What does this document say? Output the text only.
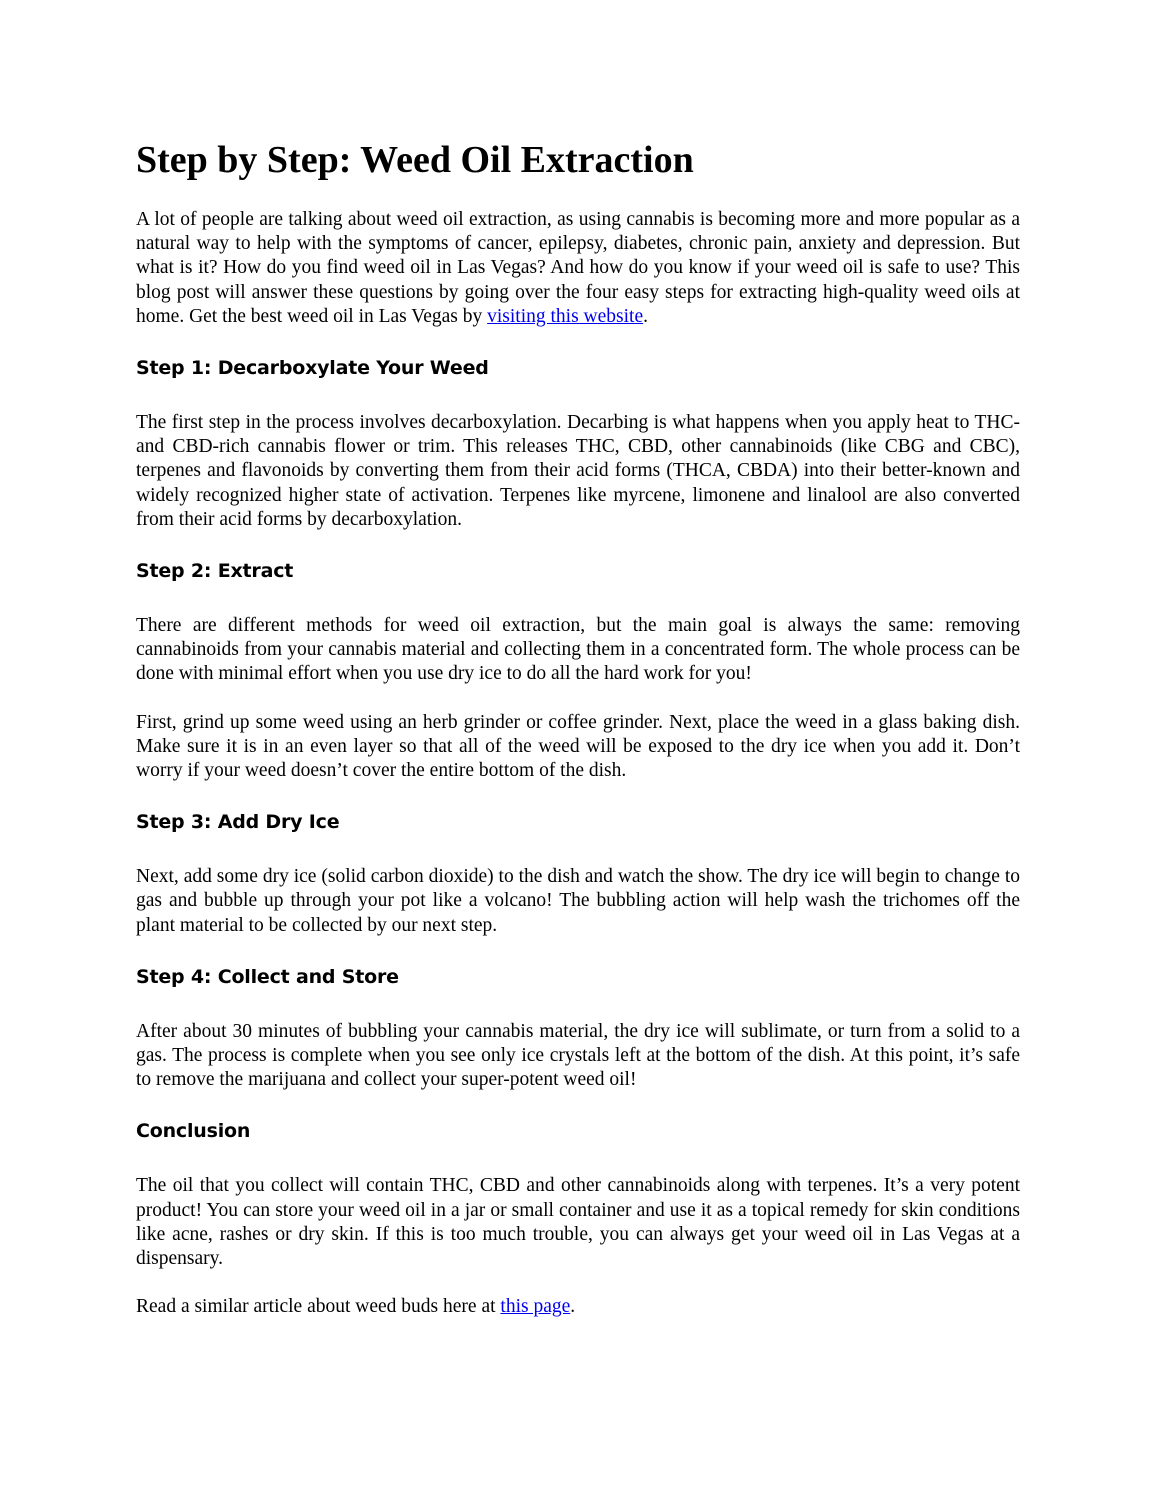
Step by Step: Weed Oil Extraction

A lot of people are talking about weed oil extraction, as using cannabis is becoming more and more popular as a natural way to help with the symptoms of cancer, epilepsy, diabetes, chronic pain, anxiety and depression. But what is it? How do you find weed oil in Las Vegas? And how do you know if your weed oil is safe to use? This blog post will answer these questions by going over the four easy steps for extracting high-quality weed oils at home. Get the best weed oil in Las Vegas by visiting this website.

Step 1: Decarboxylate Your Weed

The first step in the process involves decarboxylation. Decarbing is what happens when you apply heat to THC- and CBD-rich cannabis flower or trim. This releases THC, CBD, other cannabinoids (like CBG and CBC), terpenes and flavonoids by converting them from their acid forms (THCA, CBDA) into their better-known and widely recognized higher state of activation. Terpenes like myrcene, limonene and linalool are also converted from their acid forms by decarboxylation.

Step 2: Extract

There are different methods for weed oil extraction, but the main goal is always the same: removing cannabinoids from your cannabis material and collecting them in a concentrated form. The whole process can be done with minimal effort when you use dry ice to do all the hard work for you!

First, grind up some weed using an herb grinder or coffee grinder. Next, place the weed in a glass baking dish. Make sure it is in an even layer so that all of the weed will be exposed to the dry ice when you add it. Don’t worry if your weed doesn’t cover the entire bottom of the dish.

Step 3: Add Dry Ice

Next, add some dry ice (solid carbon dioxide) to the dish and watch the show. The dry ice will begin to change to gas and bubble up through your pot like a volcano! The bubbling action will help wash the trichomes off the plant material to be collected by our next step.

Step 4: Collect and Store

After about 30 minutes of bubbling your cannabis material, the dry ice will sublimate, or turn from a solid to a gas. The process is complete when you see only ice crystals left at the bottom of the dish. At this point, it’s safe to remove the marijuana and collect your super-potent weed oil!

Conclusion

The oil that you collect will contain THC, CBD and other cannabinoids along with terpenes. It’s a very potent product! You can store your weed oil in a jar or small container and use it as a topical remedy for skin conditions like acne, rashes or dry skin. If this is too much trouble, you can always get your weed oil in Las Vegas at a dispensary.

Read a similar article about weed buds here at this page.
